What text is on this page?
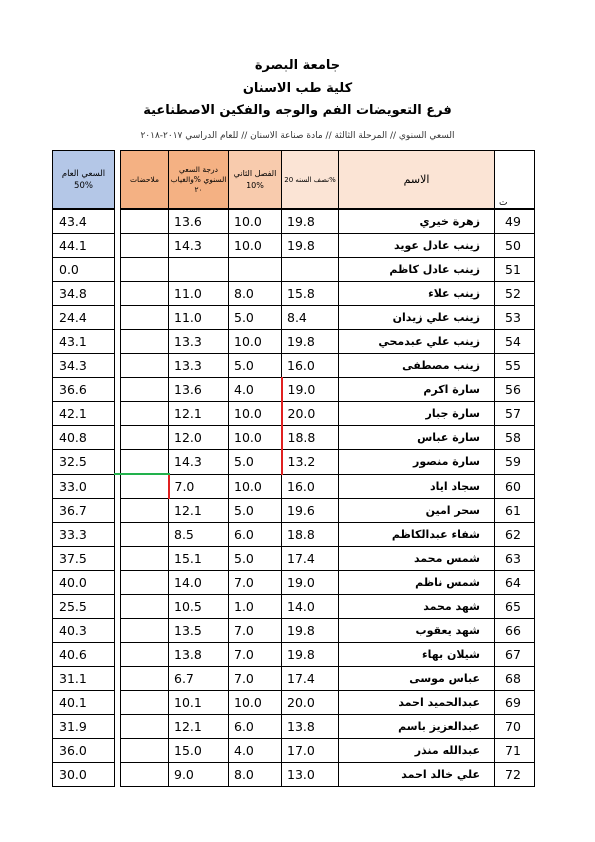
جامعة البصرة
كلية طب الاسنان
فرع التعويضات الفم والوجه والفكين الاصطناعية
السعي السنوي // المرحلة الثالثة // مادة صناعة الاسنان // للعام الدراسي ٢٠١٧-٢٠١٨
السعي العام 50%		ملاحضات	درجة السعي السنوي %والغياب ٢٠	الفصل الثاني 10%	نصف السنه 20%	الاسم	ت
43.4			13.6	10.0	19.8	زهرة خيري	49
44.1			14.3	10.0	19.8	زينب عادل عويد	50
0.0						زينب عادل كاظم	51
34.8			11.0	8.0	15.8	زينب علاء	52
24.4			11.0	5.0	8.4	زينب علي زيدان	53
43.1			13.3	10.0	19.8	زينب علي عبدمحي	54
34.3			13.3	5.0	16.0	زينب مصطفى	55
36.6			13.6	4.0	19.0	سارة اكرم	56
42.1			12.1	10.0	20.0	سارة جبار	57
40.8			12.0	10.0	18.8	سارة عباس	58
32.5			14.3	5.0	13.2	سارة منصور	59
33.0			7.0	10.0	16.0	سجاد اياد	60
36.7			12.1	5.0	19.6	سحر امين	61
33.3			8.5	6.0	18.8	شفاء عبدالكاظم	62
37.5			15.1	5.0	17.4	شمس محمد	63
40.0			14.0	7.0	19.0	شمس ناظم	64
25.5			10.5	1.0	14.0	شهد محمد	65
40.3			13.5	7.0	19.8	شهد يعقوب	66
40.6			13.8	7.0	19.8	شيلان بهاء	67
31.1			6.7	7.0	17.4	عباس موسى	68
40.1			10.1	10.0	20.0	عبدالحميد احمد	69
31.9			12.1	6.0	13.8	عبدالعزيز باسم	70
36.0			15.0	4.0	17.0	عبدالله منذر	71
30.0			9.0	8.0	13.0	علي خالد احمد	72
